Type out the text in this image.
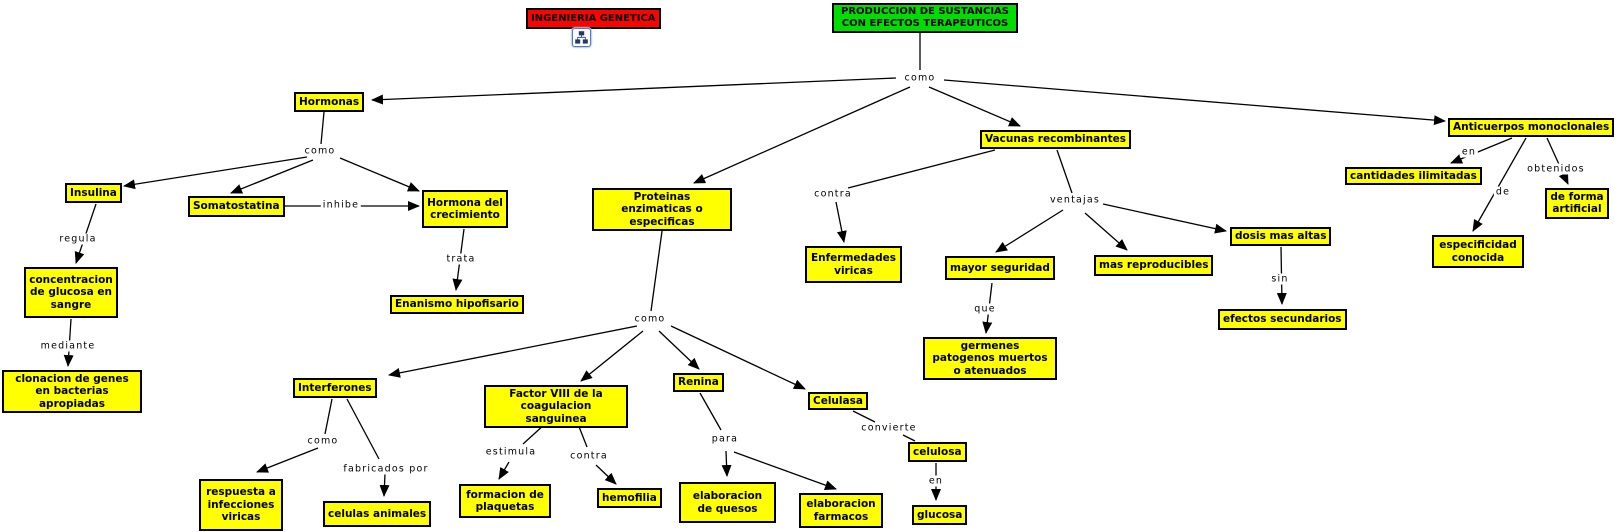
INGENIERIA GENETICA
PRODUCCION DE SUSTANCIAS CON EFECTOS TERAPEUTICOS
Hormonas
Insulina
Somatostatina	Hormona del crecimiento
concentracion de glucosa en sangre
clonacion de genes en bacterias apropiadas
Enanismo hipofisario
Proteinas enzimaticas o especificas
Interferones
Factor VIII de la coagulacion sanguinea
Renina
Celulasa
respuesta a infecciones viricas	celulas animales
formacion de plaquetas
hemofilia	elaboracion de quesos	elaboracion farmacos
celulosa
glucosa
Vacunas recombinantes
Enfermedades viricas	mayor seguridad	mas reproducibles
dosis mas altas
germenes patogenos muertos o atenuados
efectos secundarios
Anticuerpos monoclonales
cantidades ilimitadas
de forma artificial
especificidad conocida
como
como
inhibe
regula
mediante
trata
como
contra
ventajas
que
sin
en
de
obtenidos
como
fabricados por
estimula	contra
para
convierte
en
